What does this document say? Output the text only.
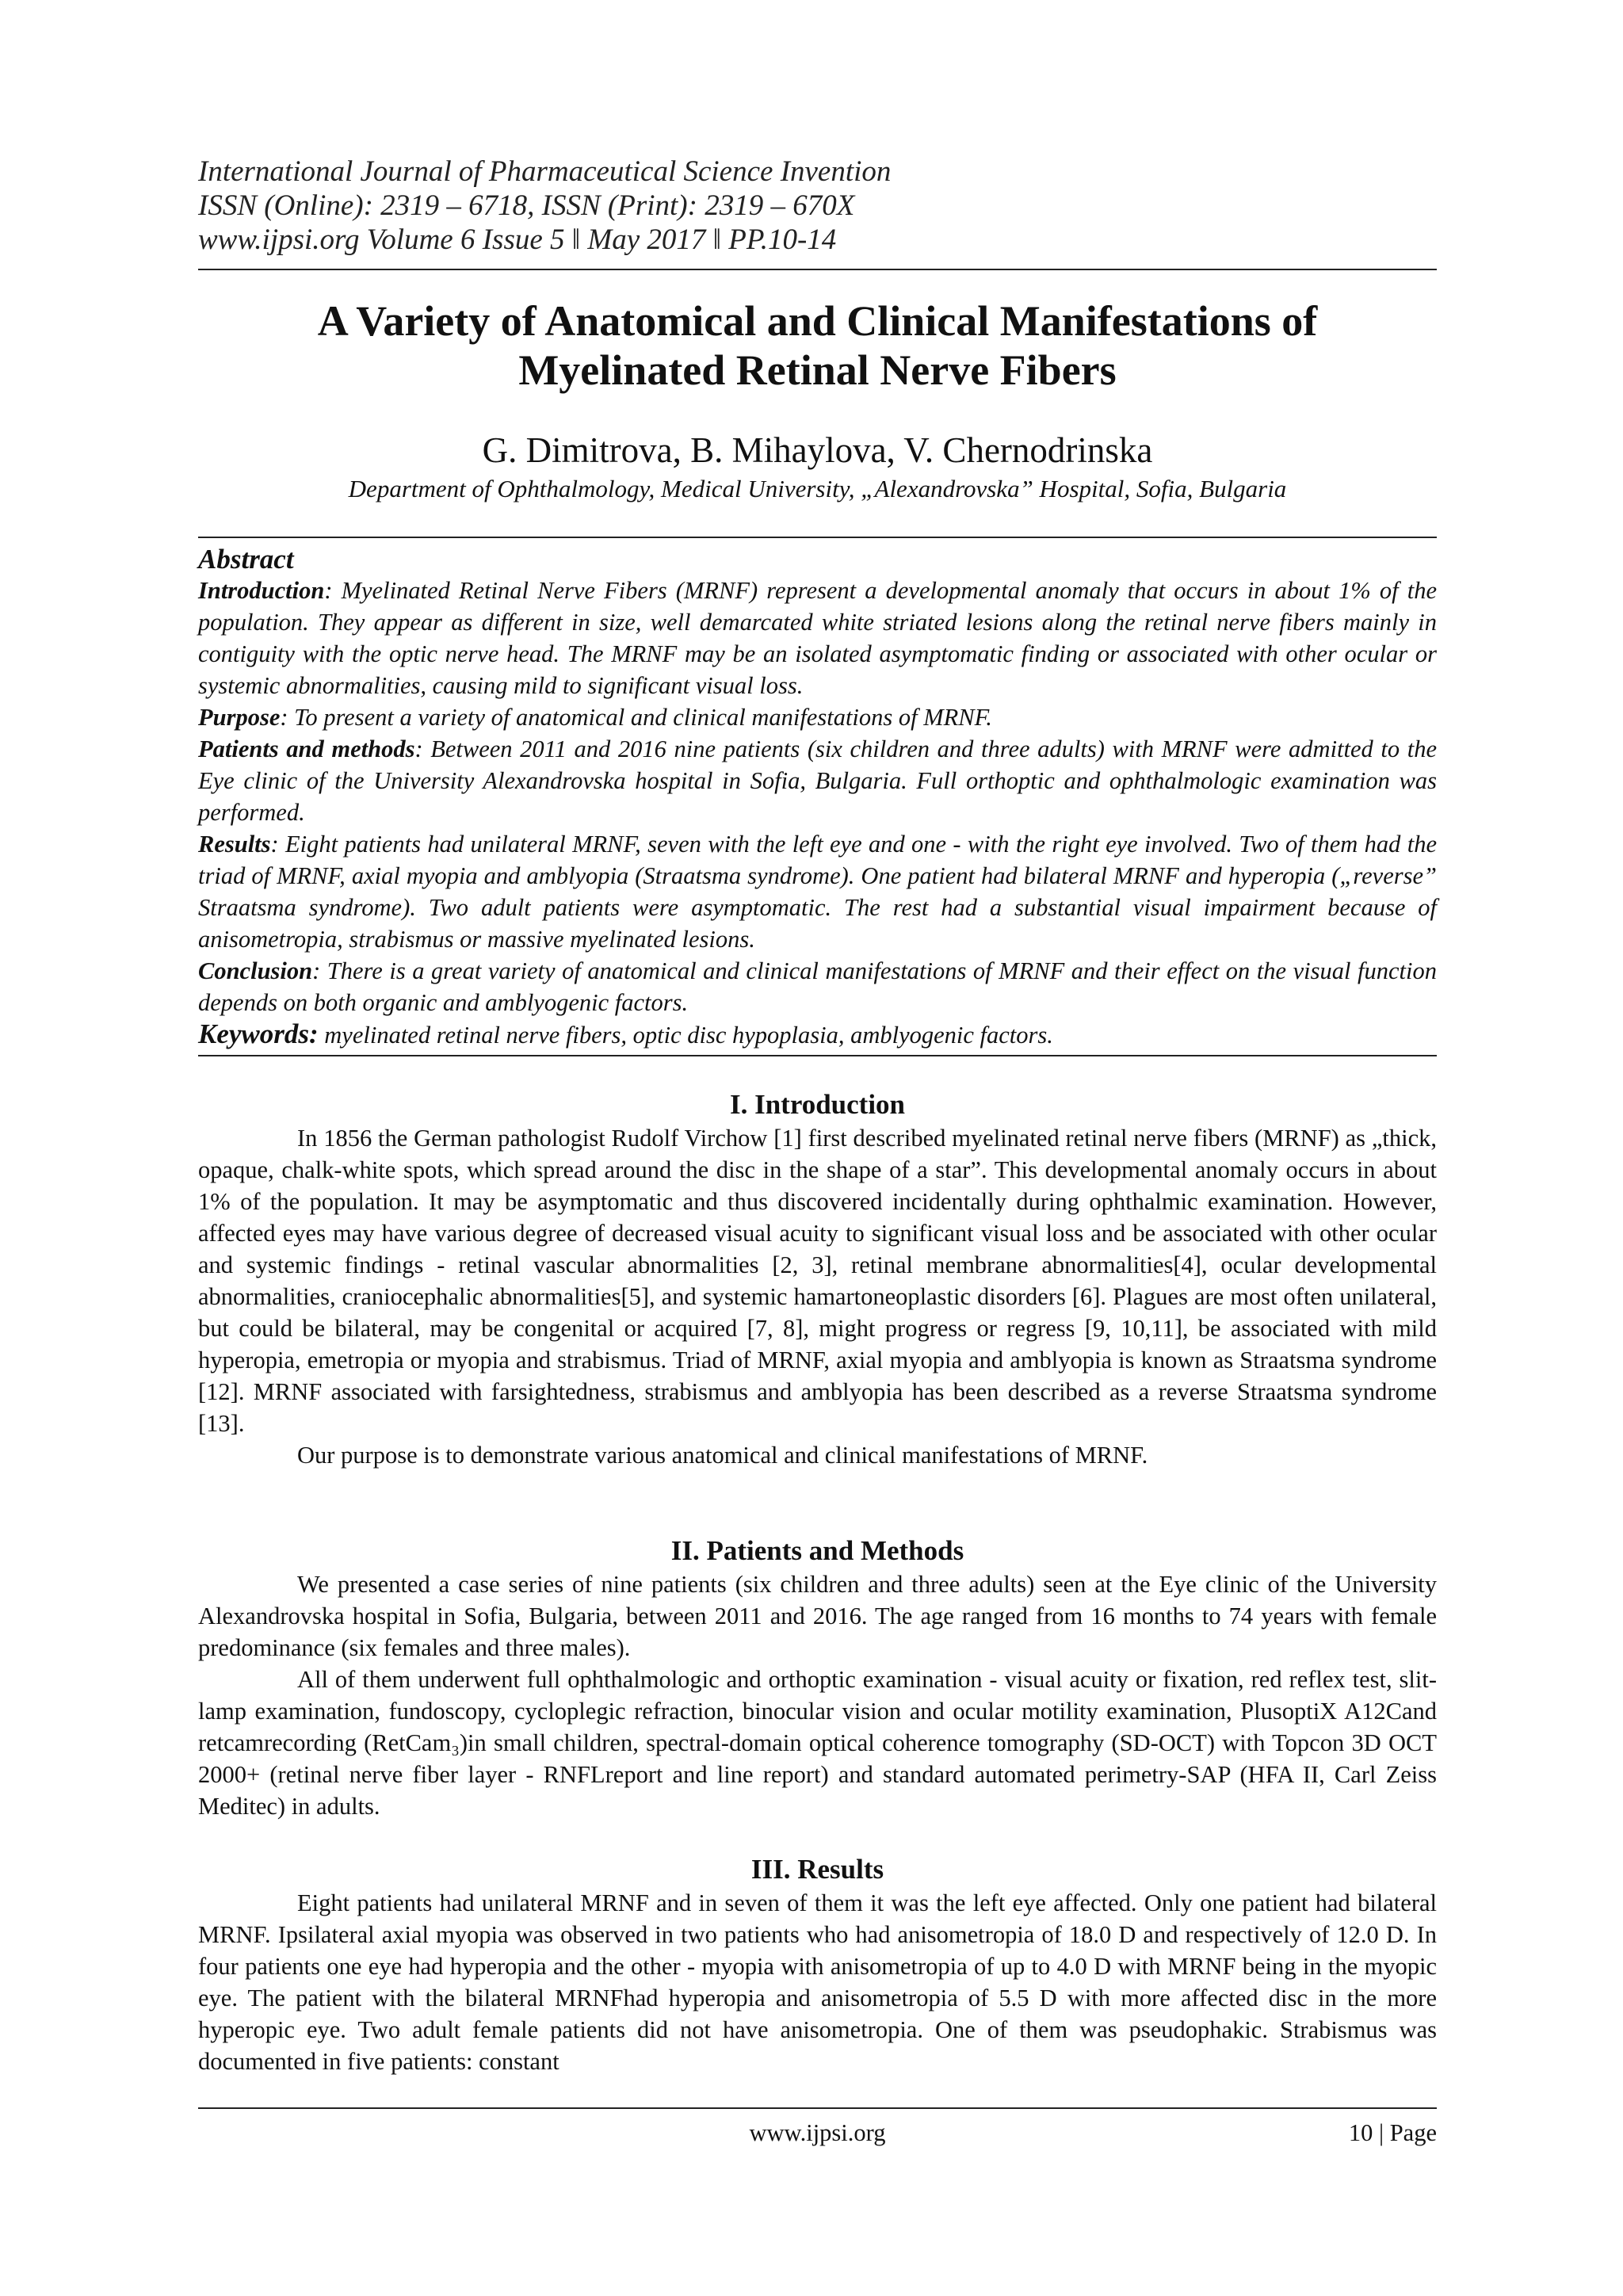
International Journal of Pharmaceutical Science Invention
ISSN (Online): 2319 – 6718, ISSN (Print): 2319 – 670X
www.ijpsi.org Volume 6 Issue 5 ǁ May 2017 ǁ PP.10-14
A Variety of Anatomical and Clinical Manifestations of
Myelinated Retinal Nerve Fibers
G. Dimitrova, B. Mihaylova, V. Chernodrinska
Department of Ophthalmology, Medical University, „Alexandrovska” Hospital, Sofia, Bulgaria
Abstract

Introduction: Myelinated Retinal Nerve Fibers (MRNF) represent a developmental anomaly that occurs in about 1% of the population. They appear as different in size, well demarcated white striated lesions along the retinal nerve fibers mainly in contiguity with the optic nerve head. The MRNF may be an isolated asymptomatic finding or associated with other ocular or systemic abnormalities, causing mild to significant visual loss.

Purpose: To present a variety of anatomical and clinical manifestations of MRNF.

Patients and methods: Between 2011 and 2016 nine patients (six children and three adults) with MRNF were admitted to the Eye clinic of the University Alexandrovska hospital in Sofia, Bulgaria. Full orthoptic and ophthalmologic examination was performed.

Results: Eight patients had unilateral MRNF, seven with the left eye and one - with the right eye involved. Two of them had the triad of MRNF, axial myopia and amblyopia (Straatsma syndrome). One patient had bilateral MRNF and hyperopia („reverse” Straatsma syndrome). Two adult patients were asymptomatic. The rest had a substantial visual impairment because of anisometropia, strabismus or massive myelinated lesions.

Conclusion: There is a great variety of anatomical and clinical manifestations of MRNF and their effect on the visual function depends on both organic and amblyogenic factors.

Keywords: myelinated retinal nerve fibers, optic disc hypoplasia, amblyogenic factors.

I. Introduction

In 1856 the German pathologist Rudolf Virchow [1] first described myelinated retinal nerve fibers (MRNF) as „thick, opaque, chalk-white spots, which spread around the disc in the shape of a star”. This developmental anomaly occurs in about 1% of the population. It may be asymptomatic and thus discovered incidentally during ophthalmic examination. However, affected eyes may have various degree of decreased visual acuity to significant visual loss and be associated with other ocular and systemic findings - retinal vascular abnormalities [2, 3], retinal membrane abnormalities[4], ocular developmental abnormalities, craniocephalic abnormalities[5], and systemic hamartoneoplastic disorders [6]. Plagues are most often unilateral, but could be bilateral, may be congenital or acquired [7, 8], might progress or regress [9, 10,11], be associated with mild hyperopia, emetropia or myopia and strabismus. Triad of MRNF, axial myopia and amblyopia is known as Straatsma syndrome [12]. MRNF associated with farsightedness, strabismus and amblyopia has been described as a reverse Straatsma syndrome [13].

Our purpose is to demonstrate various anatomical and clinical manifestations of MRNF.

II. Patients and Methods

We presented a case series of nine patients (six children and three adults) seen at the Eye clinic of the University Alexandrovska hospital in Sofia, Bulgaria, between 2011 and 2016. The age ranged from 16 months to 74 years with female predominance (six females and three males).

All of them underwent full ophthalmologic and orthoptic examination - visual acuity or fixation, red reflex test, slit-lamp examination, fundoscopy, cycloplegic refraction, binocular vision and ocular motility examination, PlusoptiX A12Cand retcamrecording (RetCam₃)in small children, spectral-domain optical coherence tomography (SD-OCT) with Topcon 3D OCT 2000+ (retinal nerve fiber layer - RNFLreport and line report) and standard automated perimetry-SAP (HFA II, Carl Zeiss Meditec) in adults.

III. Results

Eight patients had unilateral MRNF and in seven of them it was the left eye affected. Only one patient had bilateral MRNF. Ipsilateral axial myopia was observed in two patients who had anisometropia of 18.0 D and respectively of 12.0 D. In four patients one eye had hyperopia and the other - myopia with anisometropia of up to 4.0 D with MRNF being in the myopic eye. The patient with the bilateral MRNFhad hyperopia and anisometropia of 5.5 D with more affected disc in the more hyperopic eye. Two adult female patients did not have anisometropia. One of them was pseudophakic. Strabismus was documented in five patients: constant

www.ijpsi.org	10 | Page
